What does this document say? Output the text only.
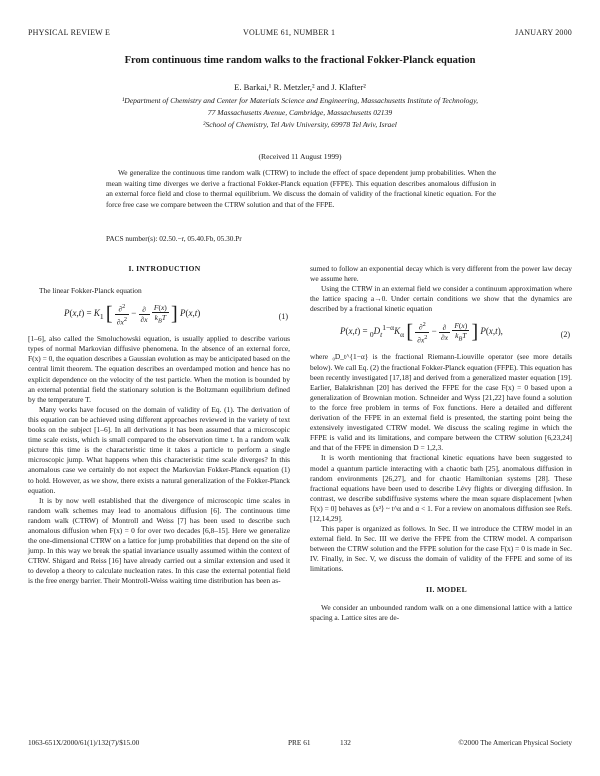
PHYSICAL REVIEW E	VOLUME 61, NUMBER 1	JANUARY 2000
From continuous time random walks to the fractional Fokker-Planck equation
E. Barkai,¹ R. Metzler,² and J. Klafter²
¹Department of Chemistry and Center for Materials Science and Engineering, Massachusetts Institute of Technology,
77 Massachusetts Avenue, Cambridge, Massachusetts 02139
²School of Chemistry, Tel Aviv University, 69978 Tel Aviv, Israel
(Received 11 August 1999)

We generalize the continuous time random walk (CTRW) to include the effect of space dependent jump probabilities. When the mean waiting time diverges we derive a fractional Fokker-Planck equation (FFPE). This equation describes anomalous diffusion in an external force field and close to thermal equilibrium. We discuss the domain of validity of the fractional kinetic equation. For the force free case we compare between the CTRW solution and that of the FFPE.

PACS number(s): 02.50.−r, 05.40.Fb, 05.30.Pr

I. INTRODUCTION

The linear Fokker-Planck equation

$P(x,t) = K_1$ [ $\frac{\partial^2}{\partial x^2} - \frac{\partial}{\partial x}$
$\frac{F(x)}{k_BT}$ ] P(x,t)	(1)

[1–6], also called the Smoluchowski equation, is usually applied to describe various types of normal Markovian diffusive phenomena. In the absence of an external force, F(x) = 0, the equation describes a Gaussian evolution as may be anticipated based on the central limit theorem. The equation describes an overdamped motion and hence has no explicit dependence on the velocity of the test particle. When the motion is bounded by an external potential field the stationary solution is the Boltzmann equilibrium defined by the temperature T.

Many works have focused on the domain of validity of Eq. (1). The derivation of this equation can be achieved using different approaches reviewed in the variety of text books on the subject [1–6]. In all derivations it has been assumed that a microscopic time scale exists, which is small compared to the observation time t. In a random walk picture this time is the characteristic time it takes a particle to perform a single microscopic jump. What happens when this characteristic time scale diverges? In this anomalous case we certainly do not expect the Markovian Fokker-Planck equation (1) to hold. However, as we show, there exists a natural generalization of the Fokker-Planck equation.

It is by now well established that the divergence of microscopic time scales in random walk schemes may lead to anomalous diffusion [6]. The continuous time random walk (CTRW) of Montroll and Weiss [7] has been used to describe such anomalous diffusion when F(x) = 0 for over two decades [6,8–15]. Here we generalize the one-dimensional CTRW on a lattice for jump probabilities that depend on the site of jump. In this way we break the spatial invariance usually assumed within the context of CTRW. Shigard and Reiss [16] have already carried out a similar extension and used it to develop a theory to calculate nucleation rates. In this case the external potential field is the free energy barrier. Their Montroll-Weiss waiting time distribution has been as-

sumed to follow an exponential decay which is very different from the power law decay we assume here.

Using the CTRW in an external field we consider a continuum approximation where the lattice spacing a→0. Under certain conditions we show that the dynamics are described by a fractional kinetic equation

$P(x,t) = _0D_t^{1-\alpha}K_\alpha$ [ $\frac{\partial^2}{\partial x^2} - \frac{\partial}{\partial x}$
$\frac{F(x)}{k_BT}$ ] P(x,t),	(2)

where ₀D_t^{1−α} is the fractional Riemann-Liouville operator (see more details below). We call Eq. (2) the fractional Fokker-Planck equation (FFPE). This equation has been recently investigated [17,18] and derived from a generalized master equation [19]. Earlier, Balakrishnan [20] has derived the FFPE for the case F(x) = 0 based upon a generalization of Brownian motion. Schneider and Wyss [21,22] have found a solution to the force free problem in terms of Fox functions. Here a detailed and different derivation of the FFPE in an external field is presented, the starting point being the extensively investigated CTRW model. We discuss the scaling regime in which the FFPE is valid and its limitations, and compare between the CTRW solution [6,23,24] and that of the FFPE in dimension D = 1,2,3.

It is worth mentioning that fractional kinetic equations have been suggested to model a quantum particle interacting with a chaotic bath [25], anomalous diffusion in random environments [26,27], and for chaotic Hamiltonian systems [28]. These fractional equations have been used to describe Lévy flights or diverging diffusion. In contrast, we describe subdiffusive systems where the mean square displacement [when F(x) = 0] behaves as ⟨x²⟩ ~ t^α and α < 1. For a review on anomalous diffusion see Refs. [12,14,29].

This paper is organized as follows. In Sec. II we introduce the CTRW model in an external field. In Sec. III we derive the FFPE from the CTRW model. A comparison between the CTRW solution and the FFPE solution for the case F(x) = 0 is made in Sec. IV. Finally, in Sec. V, we discuss the domain of validity of the FFPE and some of its limitations.

II. MODEL

We consider an unbounded random walk on a one dimensional lattice with a lattice spacing a. Lattice sites are de-

1063-651X/2000/61(1)/132(7)/$15.00	PRE 61	132	©2000 The American Physical Society
